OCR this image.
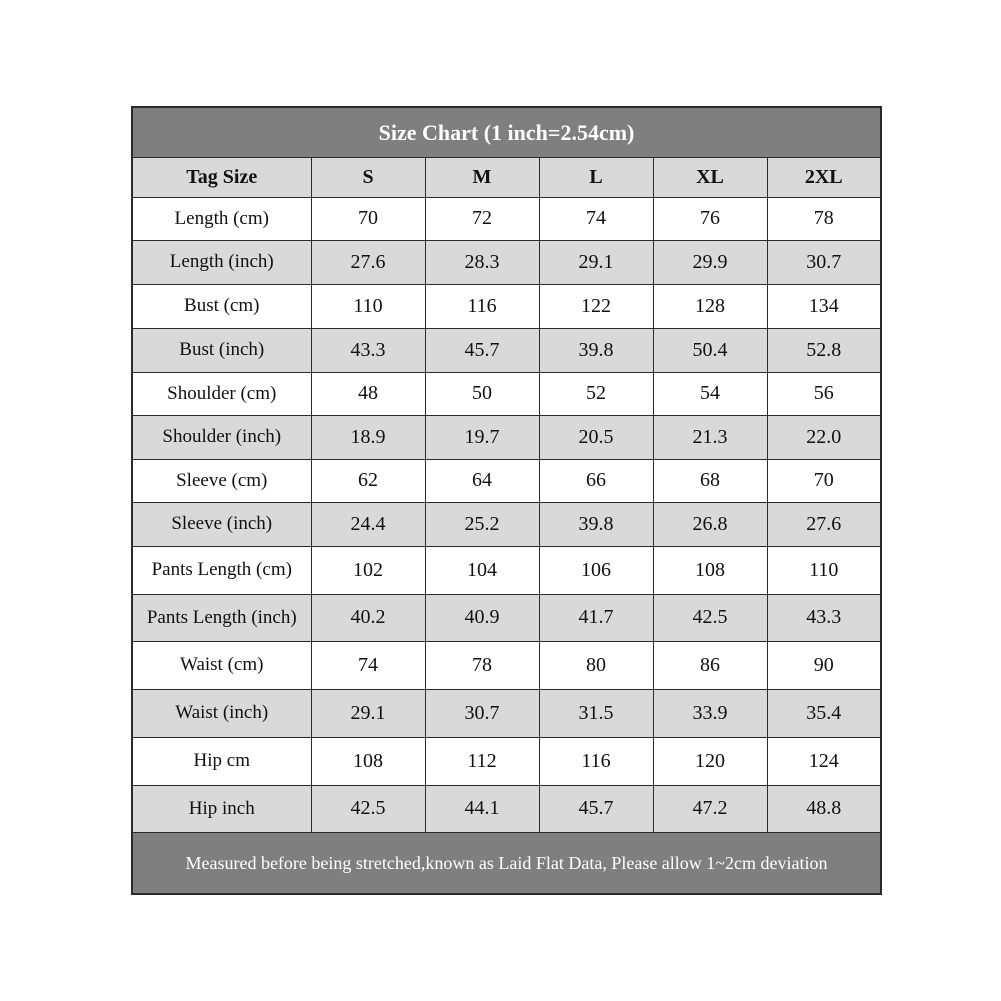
Size Chart (1 inch=2.54cm)
Tag Size	S	M	L	XL	2XL
Length (cm)	70	72	74	76	78
Length (inch)	27.6	28.3	29.1	29.9	30.7
Bust (cm)	110	116	122	128	134
Bust (inch)	43.3	45.7	39.8	50.4	52.8
Shoulder (cm)	48	50	52	54	56
Shoulder (inch)	18.9	19.7	20.5	21.3	22.0
Sleeve (cm)	62	64	66	68	70
Sleeve (inch)	24.4	25.2	39.8	26.8	27.6
Pants Length (cm)	102	104	106	108	110
Pants Length (inch)	40.2	40.9	41.7	42.5	43.3
Waist (cm)	74	78	80	86	90
Waist (inch)	29.1	30.7	31.5	33.9	35.4
Hip cm	108	112	116	120	124
Hip inch	42.5	44.1	45.7	47.2	48.8
Measured before being stretched,known as Laid Flat Data, Please allow 1~2cm deviation
